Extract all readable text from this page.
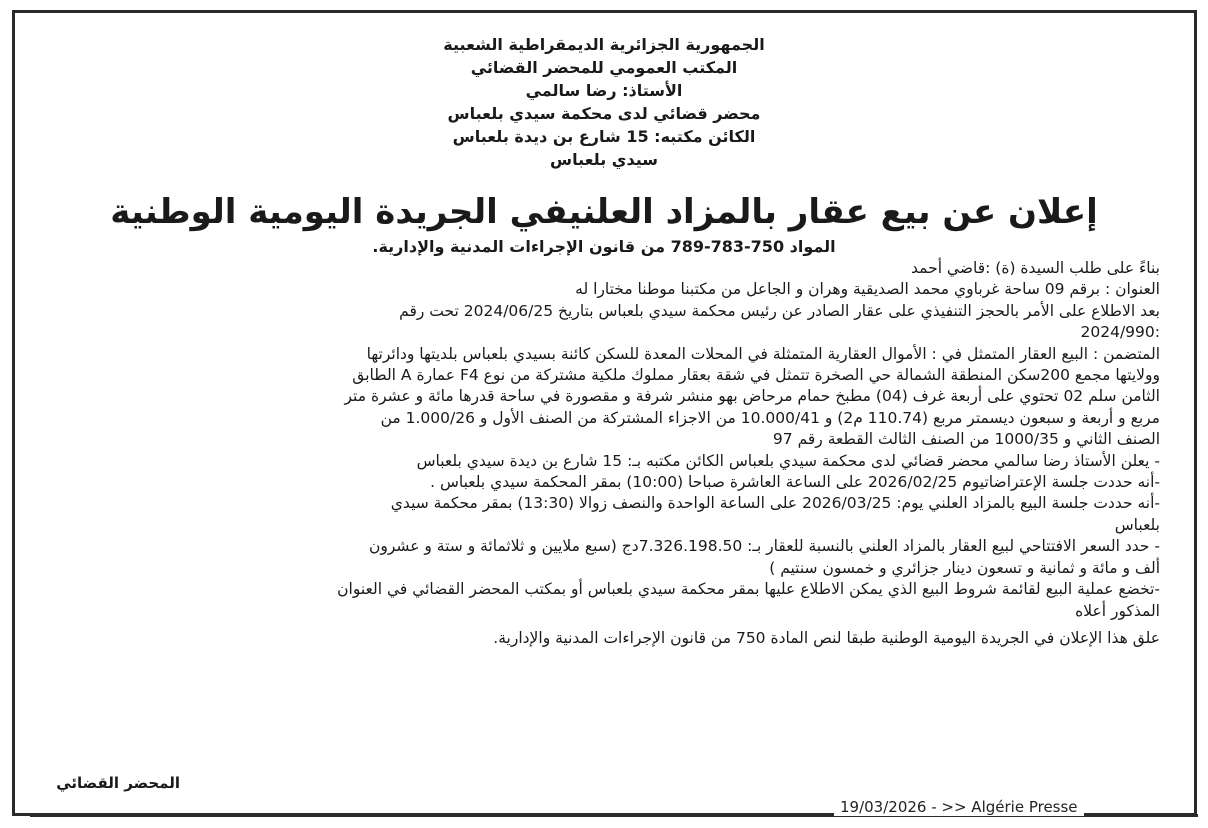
الجمهورية الجزائرية الديمقراطية الشعبية
المكتب العمومي للمحضر القضائي
الأستاذ: رضا سالمي
محضر قضائي لدى محكمة سيدي بلعباس
الكائن مكتبه: 15 شارع بن ديدة بلعباس
سيدي بلعباس
إعلان عن بيع عقار بالمزاد العلنيفي الجريدة اليومية الوطنية
المواد 750-783-789 من قانون الإجراءات المدنية والإدارية.

بناءً على طلب السيدة (ة) :قاضي أحمد

العنوان : برقم 09 ساحة غرباوي محمد الصديقية وهران و الجاعل من مكتبنا موطنا مختارا له

بعد الاطلاع على الأمر بالحجز التنفيذي على عقار الصادر عن رئيس محكمة سيدي بلعباس بتاريخ 2024/06/25 تحت رقم

:2024/990

المتضمن : البيع العقار المتمثل في : الأموال العقارية المتمثلة في المحلات المعدة للسكن كائنة بسيدي بلعباس بلديتها ودائرتها

وولايتها مجمع 200سكن المنطقة الشمالة حي الصخرة تتمثل في شقة بعقار مملوك ملكية مشتركة من نوع F4 عمارة A الطابق

الثامن سلم 02 تحتوي على أربعة غرف (04) مطبخ حمام مرحاض بهو منشر شرفة و مقصورة في ساحة قدرها مائة و عشرة متر

مربع و أربعة و سبعون ديسمتر مربع (110.74 م2) و 10.000/41 من الاجزاء المشتركة من الصنف الأول و 1.000/26 من

الصنف الثاني و 1000/35 من الصنف الثالث القطعة رقم 97

- يعلن الأستاذ رضا سالمي محضر قضائي لدى محكمة سيدي بلعباس الكائن مكتبه بـ: 15 شارع بن ديدة سيدي بلعباس

-أنه حددت جلسة الإعتراضاتيوم 2026/02/25 على الساعة العاشرة صباحا (10:00) بمقر المحكمة سيدي بلعباس .

-أنه حددت جلسة البيع بالمزاد العلني يوم: 2026/03/25 على الساعة الواحدة والنصف زوالا (13:30) بمقر محكمة سيدي

بلعباس

- حدد السعر الافتتاحي لبيع العقار بالمزاد العلني بالنسبة للعقار بـ: 7.326.198.50دج (سبع ملايين و ثلاثمائة و ستة و عشرون

ألف و مائة و ثمانية و تسعون دينار جزائري و خمسون سنتيم )

-تخضع عملية البيع لقائمة شروط البيع الذي يمكن الاطلاع عليها بمقر محكمة سيدي بلعباس أو بمكتب المحضر القضائي في العنوان

المذكور أعلاه

علق هذا الإعلان في الجريدة اليومية الوطنية طبقا لنص المادة 750 من قانون الإجراءات المدنية والإدارية.

المحضر القضائي
19/03/2026 - >> Algérie Presse
